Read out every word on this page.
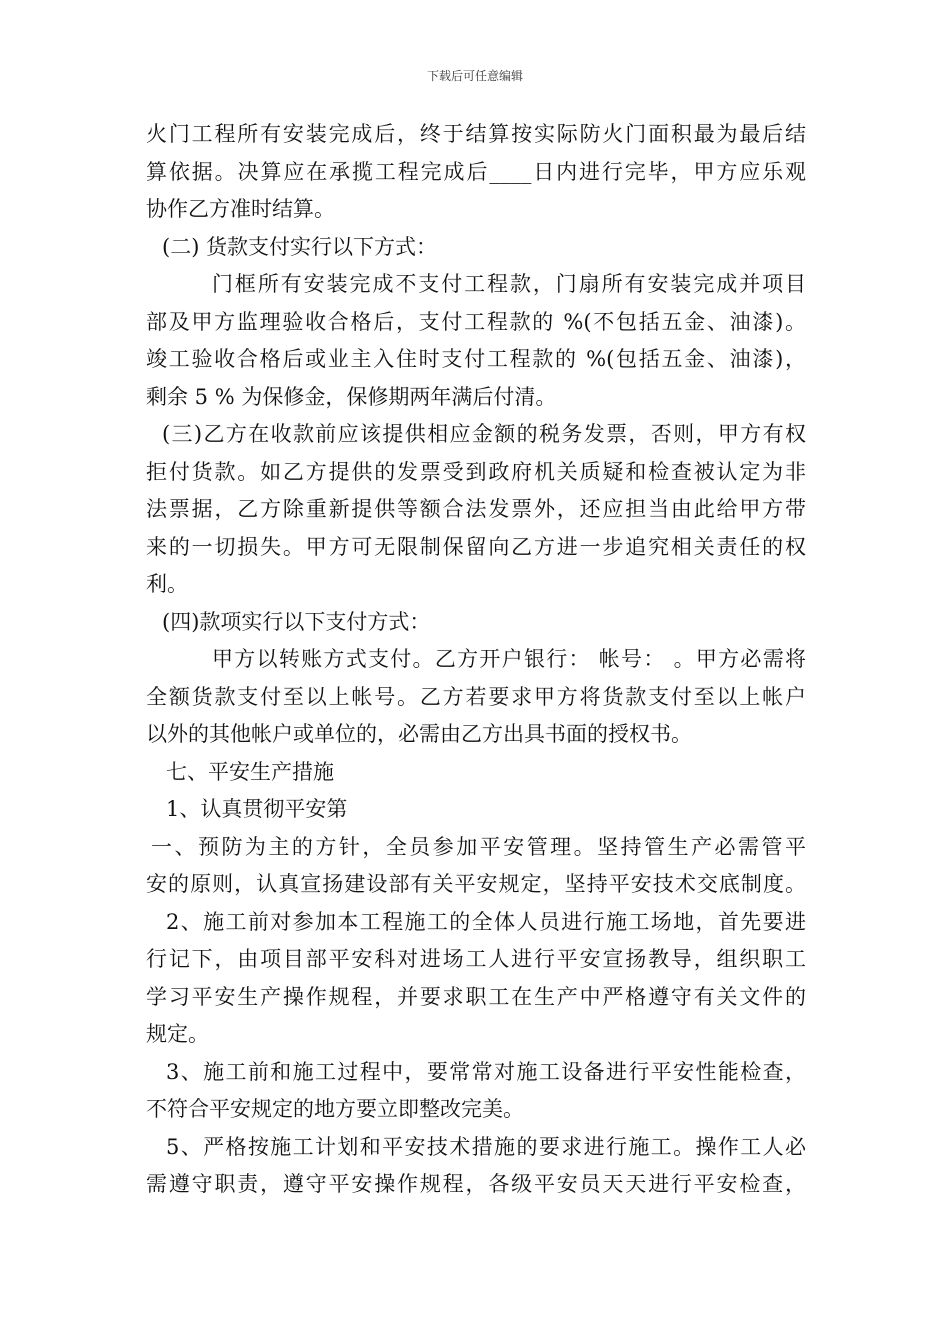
下载后可任意编辑
火门工程所有安装完成后，终于结算按实际防火门面积最为最后结
算依据。决算应在承揽工程完成后____日内进行完毕，甲方应乐观
协作乙方准时结算。
(二) 货款支付实行以下方式：
门框所有安装完成不支付工程款，门扇所有安装完成并项目
部及甲方监理验收合格后，支付工程款的 %(不包括五金、油漆)。
竣工验收合格后或业主入住时支付工程款的 %(包括五金、油漆)，
剩余 5 % 为保修金，保修期两年满后付清。
(三)乙方在收款前应该提供相应金额的税务发票，否则，甲方有权
拒付货款。如乙方提供的发票受到政府机关质疑和检查被认定为非
法票据，乙方除重新提供等额合法发票外，还应担当由此给甲方带
来的一切损失。甲方可无限制保留向乙方进一步追究相关责任的权
利。
(四)款项实行以下支付方式：
甲方以转账方式支付。乙方开户银行： 帐号： 。甲方必需将
全额货款支付至以上帐号。乙方若要求甲方将货款支付至以上帐户
以外的其他帐户或单位的，必需由乙方出具书面的授权书。
七、平安生产措施
1、认真贯彻平安第
一、预防为主的方针，全员参加平安管理。坚持管生产必需管平
安的原则，认真宣扬建设部有关平安规定，坚持平安技术交底制度。
2、施工前对参加本工程施工的全体人员进行施工场地，首先要进
行记下，由项目部平安科对进场工人进行平安宣扬教导，组织职工
学习平安生产操作规程，并要求职工在生产中严格遵守有关文件的
规定。
3、施工前和施工过程中，要常常对施工设备进行平安性能检查，
不符合平安规定的地方要立即整改完美。
5、严格按施工计划和平安技术措施的要求进行施工。操作工人必
需遵守职责，遵守平安操作规程，各级平安员天天进行平安检查，
